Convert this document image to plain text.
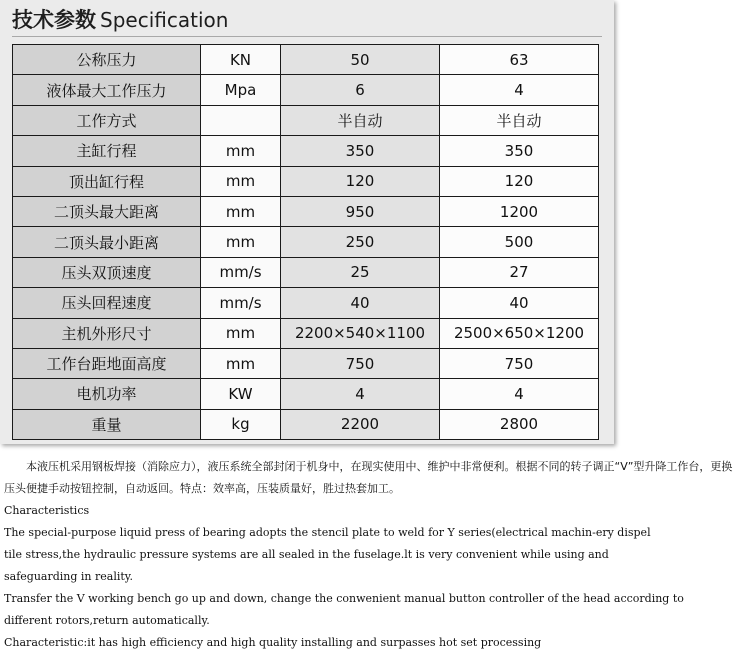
技术参数 Specification
公称压力	KN	50	63
液体最大工作压力	Mpa	6	4
工作方式		半自动	半自动
主缸行程	mm	350	350
顶出缸行程	mm	120	120
二顶头最大距离	mm	950	1200
二顶头最小距离	mm	250	500
压头双顶速度	mm/s	25	27
压头回程速度	mm/s	40	40
主机外形尺寸	mm	2200×540×1100	2500×650×1200
工作台距地面高度	mm	750	750
电机功率	KW	4	4
重量	kg	2200	2800
本液压机采用钢板焊接（消除应力），液压系统全部封闭于机身中，在现实使用中、维护中非常便利。根据不同的转子调正“V”型升降工作台，更换压头便捷手动按钮控制，自动返回。特点：效率高，压装质量好，胜过热套加工。
Characteristics
The special-purpose liquid press of bearing adopts the stencil plate to weld for Y series(electrical machin-ery dispel
tile stress,the hydraulic pressure systems are all sealed in the fuselage.lt is very convenient while using and
safeguarding in reality.
Transfer the V working bench go up and down, change the conwenient manual button controller of the head according to
different rotors,return automatically.
Characteristic:it has high efficiency and high quality installing and surpasses hot set processing
